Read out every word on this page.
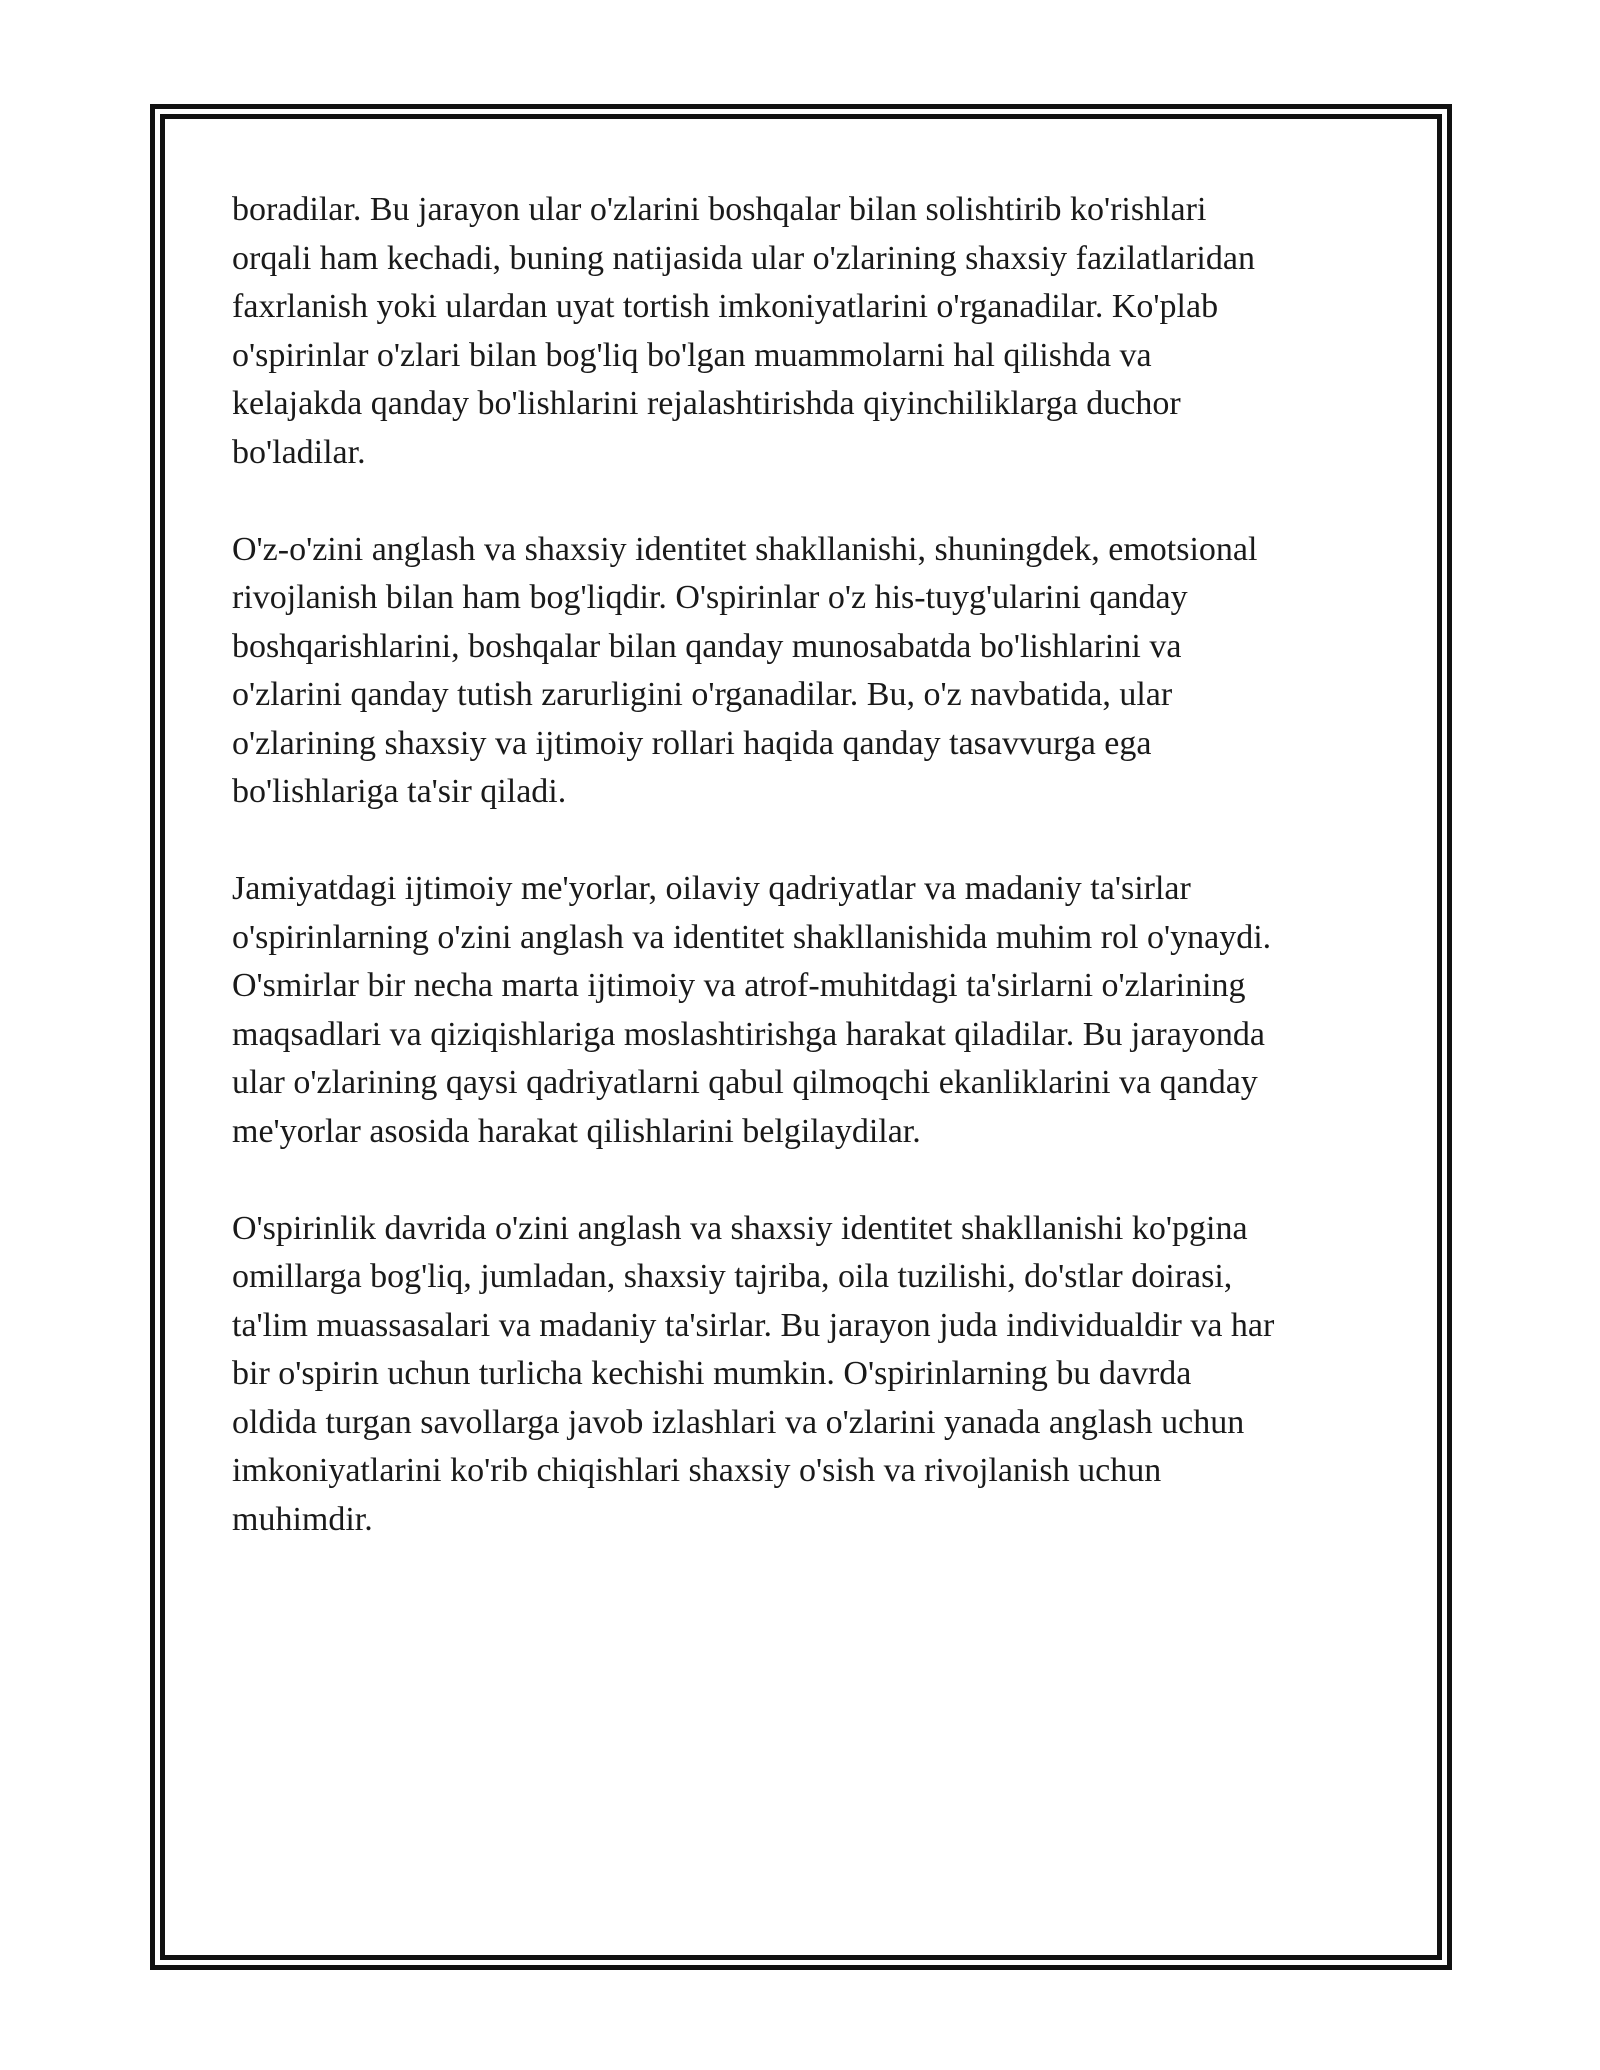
boradilar. Bu jarayon ular o'zlarini boshqalar bilan solishtirib ko'rishlari
orqali ham kechadi, buning natijasida ular o'zlarining shaxsiy fazilatlaridan
faxrlanish yoki ulardan uyat tortish imkoniyatlarini o'rganadilar. Ko'plab
o'spirinlar o'zlari bilan bog'liq bo'lgan muammolarni hal qilishda va
kelajakda qanday bo'lishlarini rejalashtirishda qiyinchiliklarga duchor
bo'ladilar.

O'z-o'zini anglash va shaxsiy identitet shakllanishi, shuningdek, emotsional
rivojlanish bilan ham bog'liqdir. O'spirinlar o'z his-tuyg'ularini qanday
boshqarishlarini, boshqalar bilan qanday munosabatda bo'lishlarini va
o'zlarini qanday tutish zarurligini o'rganadilar. Bu, o'z navbatida, ular
o'zlarining shaxsiy va ijtimoiy rollari haqida qanday tasavvurga ega
bo'lishlariga ta'sir qiladi.

Jamiyatdagi ijtimoiy me'yorlar, oilaviy qadriyatlar va madaniy ta'sirlar
o'spirinlarning o'zini anglash va identitet shakllanishida muhim rol o'ynaydi.
O'smirlar bir necha marta ijtimoiy va atrof-muhitdagi ta'sirlarni o'zlarining
maqsadlari va qiziqishlariga moslashtirishga harakat qiladilar. Bu jarayonda
ular o'zlarining qaysi qadriyatlarni qabul qilmoqchi ekanliklarini va qanday
me'yorlar asosida harakat qilishlarini belgilaydilar.

O'spirinlik davrida o'zini anglash va shaxsiy identitet shakllanishi ko'pgina
omillarga bog'liq, jumladan, shaxsiy tajriba, oila tuzilishi, do'stlar doirasi,
ta'lim muassasalari va madaniy ta'sirlar. Bu jarayon juda individualdir va har
bir o'spirin uchun turlicha kechishi mumkin. O'spirinlarning bu davrda
oldida turgan savollarga javob izlashlari va o'zlarini yanada anglash uchun
imkoniyatlarini ko'rib chiqishlari shaxsiy o'sish va rivojlanish uchun
muhimdir.
